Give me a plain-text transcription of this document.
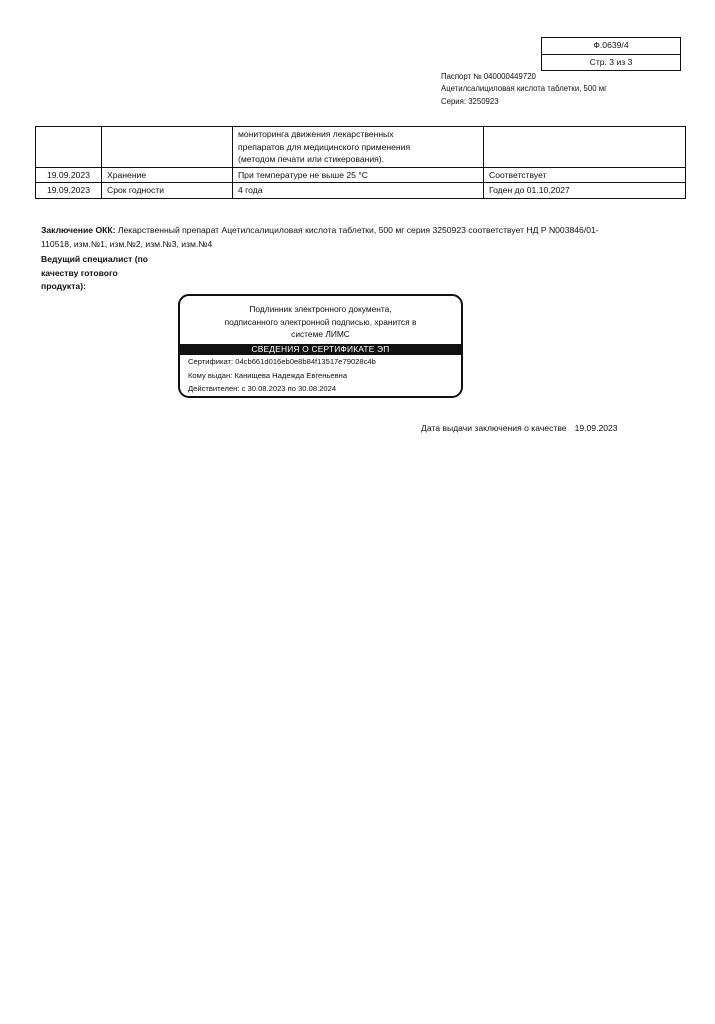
Ф.0639/4
Стр. 3 из 3
Паспорт № 040000449720
Ацетилсалициловая кислота таблетки, 500 мг
Серия: 3250923

		мониторинга движения лекарственных
препаратов для медицинского применения
(методом печати или стикерования).	

19.09.2023	Хранение	При температуре не выше 25 °С	Соответствует
19.09.2023	Срок годности	4 года	Годен до 01.10.2027
Заключение ОКК: Лекарственный препарат Ацетилсалициловая кислота таблетки, 500 мг серия 3250923 соответствует НД Р N003846/01-110518, изм.№1, изм.№2, изм.№3, изм.№4
Ведущий специалист (по качеству готового продукта):
Подлинник электронного документа,
подписанного электронной подписью, хранится в
системе ЛИМС
СВЕДЕНИЯ О СЕРТИФИКАТЕ ЭП
Сертификат: 04cb661d016eb0e8b84f13517e79028c4b
Кому выдан: Канищева Надежда Евгеньевна
Действителен: с 30.08.2023 по 30.08.2024
Дата выдачи заключения о качестве 19.09.2023
